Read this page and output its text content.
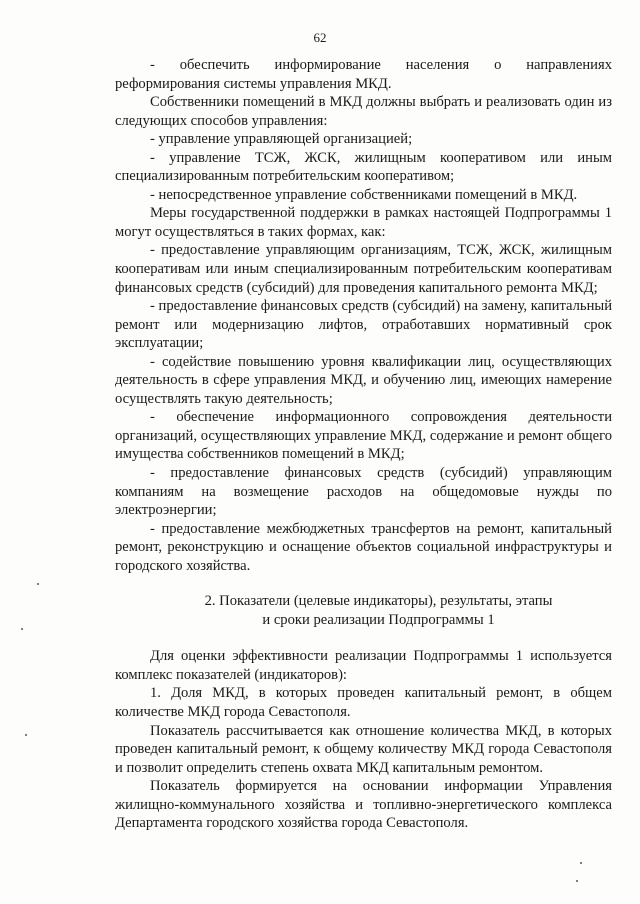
62

- обеспечить информирование населения о направлениях реформирования системы управления МКД.

Собственники помещений в МКД должны выбрать и реализовать один из следующих способов управления:

- управление управляющей организацией;

- управление ТСЖ, ЖСК, жилищным кооперативом или иным специализированным потребительским кооперативом;

- непосредственное управление собственниками помещений в МКД.

Меры государственной поддержки в рамках настоящей Подпрограммы 1 могут осуществляться в таких формах, как:

- предоставление управляющим организациям, ТСЖ, ЖСК, жилищным кооперативам или иным специализированным потребительским кооперативам финансовых средств (субсидий) для проведения капитального ремонта МКД;

- предоставление финансовых средств (субсидий) на замену, капитальный ремонт или модернизацию лифтов, отработавших нормативный срок эксплуатации;

- содействие повышению уровня квалификации лиц, осуществляющих деятельность в сфере управления МКД, и обучению лиц, имеющих намерение осуществлять такую деятельность;

- обеспечение информационного сопровождения деятельности организаций, осуществляющих управление МКД, содержание и ремонт общего имущества собственников помещений в МКД;

- предоставление финансовых средств (субсидий) управляющим компаниям на возмещение расходов на общедомовые нужды по электроэнергии;

- предоставление межбюджетных трансфертов на ремонт, капитальный ремонт, реконструкцию и оснащение объектов социальной инфраструктуры и городского хозяйства.

2. Показатели (целевые индикаторы), результаты, этапы
и сроки реализации Подпрограммы 1

Для оценки эффективности реализации Подпрограммы 1 используется комплекс показателей (индикаторов):

1. Доля МКД, в которых проведен капитальный ремонт, в общем количестве МКД города Севастополя.

Показатель рассчитывается как отношение количества МКД, в которых проведен капитальный ремонт, к общему количеству МКД города Севастополя и позволит определить степень охвата МКД капитальным ремонтом.

Показатель формируется на основании информации Управления жилищно-коммунального хозяйства и топливно-энергетического комплекса Департамента городского хозяйства города Севастополя.
